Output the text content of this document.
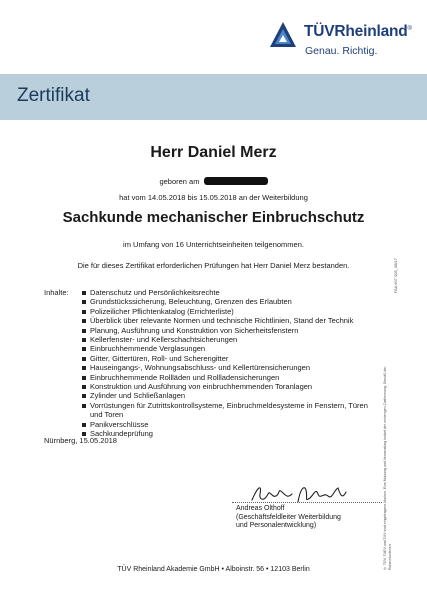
TÜVRheinland®
Genau. Richtig.
Zertifikat
Herr Daniel Merz
geboren am
hat vom 14.05.2018 bis 15.05.2018 an der Weiterbildung
Sachkunde mechanischer Einbruchschutz
im Umfang von 16 Unterrichtseinheiten teilgenommen.
Die für dieses Zertifikat erforderlichen Prüfungen hat Herr Daniel Merz bestanden.
Inhalte:	Datenschutz und Persönlichkeitsrechte
Grundstückssicherung, Beleuchtung, Grenzen des Erlaubten
Polizeilicher Pflichtenkatalog (Errichterliste)
Überblick über relevante Normen und technische Richtlinien, Stand der Technik
Planung, Ausführung und Konstruktion von Sicherheitsfenstern
Kellerfenster- und Kellerschachtsicherungen
Einbruchhemmende Verglasungen
Gitter, Gittertüren, Roll- und Scherengitter
Hauseingangs-, Wohnungsabschluss- und Kellertürensicherungen
Einbruchhemmende Rollläden und Rollladensicherungen
Konstruktion und Ausführung von einbruchhemmenden Toranlagen
Zylinder und Schließanlagen
Vorrüstungen für Zutrittskontrollsysteme, Einbruchmeldesysteme in Fenstern, Türen und Toren
Panikverschlüsse
Sachkundeprüfung
Nürnberg, 15.05.2018
Andreas Olthoff
(Geschäftsfeldleiter Weiterbildung
und Personalentwicklung)
TÜV Rheinland Akademie GmbH • Alboinstr. 56 • 12103 Berlin
FAA 607 005_08/17
® TÜV, TUEV und TUV sind eingetragene Marken. Eine Nutzung und Verwendung bedarf der vorherigen Zustimmung. Gemäß der Rahmenkriterien.
